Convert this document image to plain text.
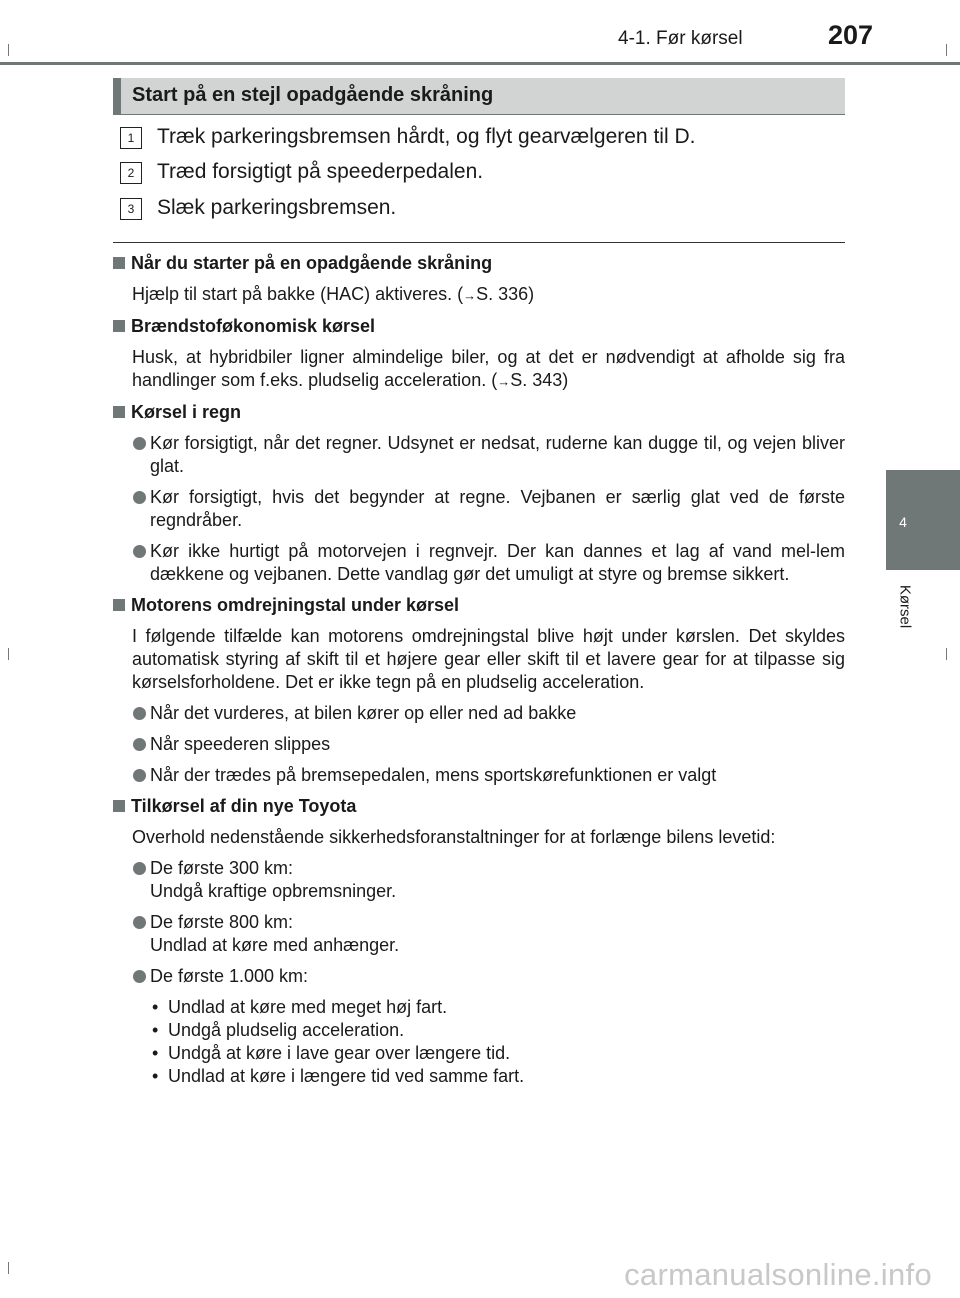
4-1. Før kørsel	207
4
Kørsel
Start på en stejl opadgående skråning
1	Træk parkeringsbremsen hårdt, og flyt gearvælgeren til D.
2	Træd forsigtigt på speederpedalen.
3	Slæk parkeringsbremsen.
Når du starter på en opadgående skråning
Hjælp til start på bakke (HAC) aktiveres. (→S. 336)
Brændstoføkonomisk kørsel
Husk, at hybridbiler ligner almindelige biler, og at det er nødvendigt at afholde sig fra handlinger som f.eks. pludselig acceleration. (→S. 343)
Kørsel i regn
Kør forsigtigt, når det regner. Udsynet er nedsat, ruderne kan dugge til, og vejen bliver glat.
Kør forsigtigt, hvis det begynder at regne. Vejbanen er særlig glat ved de første regndråber.
Kør ikke hurtigt på motorvejen i regnvejr. Der kan dannes et lag af vand mel-lem dækkene og vejbanen. Dette vandlag gør det umuligt at styre og bremse sikkert.
Motorens omdrejningstal under kørsel
I følgende tilfælde kan motorens omdrejningstal blive højt under kørslen. Det skyldes automatisk styring af skift til et højere gear eller skift til et lavere gear for at tilpasse sig kørselsforholdene. Det er ikke tegn på en pludselig acceleration.
Når det vurderes, at bilen kører op eller ned ad bakke
Når speederen slippes
Når der trædes på bremsepedalen, mens sportskørefunktionen er valgt
Tilkørsel af din nye Toyota
Overhold nedenstående sikkerhedsforanstaltninger for at forlænge bilens levetid:
De første 300 km:
Undgå kraftige opbremsninger.
De første 800 km:
Undlad at køre med anhænger.
De første 1.000 km:
• Undlad at køre med meget høj fart.
• Undgå pludselig acceleration.
• Undgå at køre i lave gear over længere tid.
• Undlad at køre i længere tid ved samme fart.
carmanualsonline.info
